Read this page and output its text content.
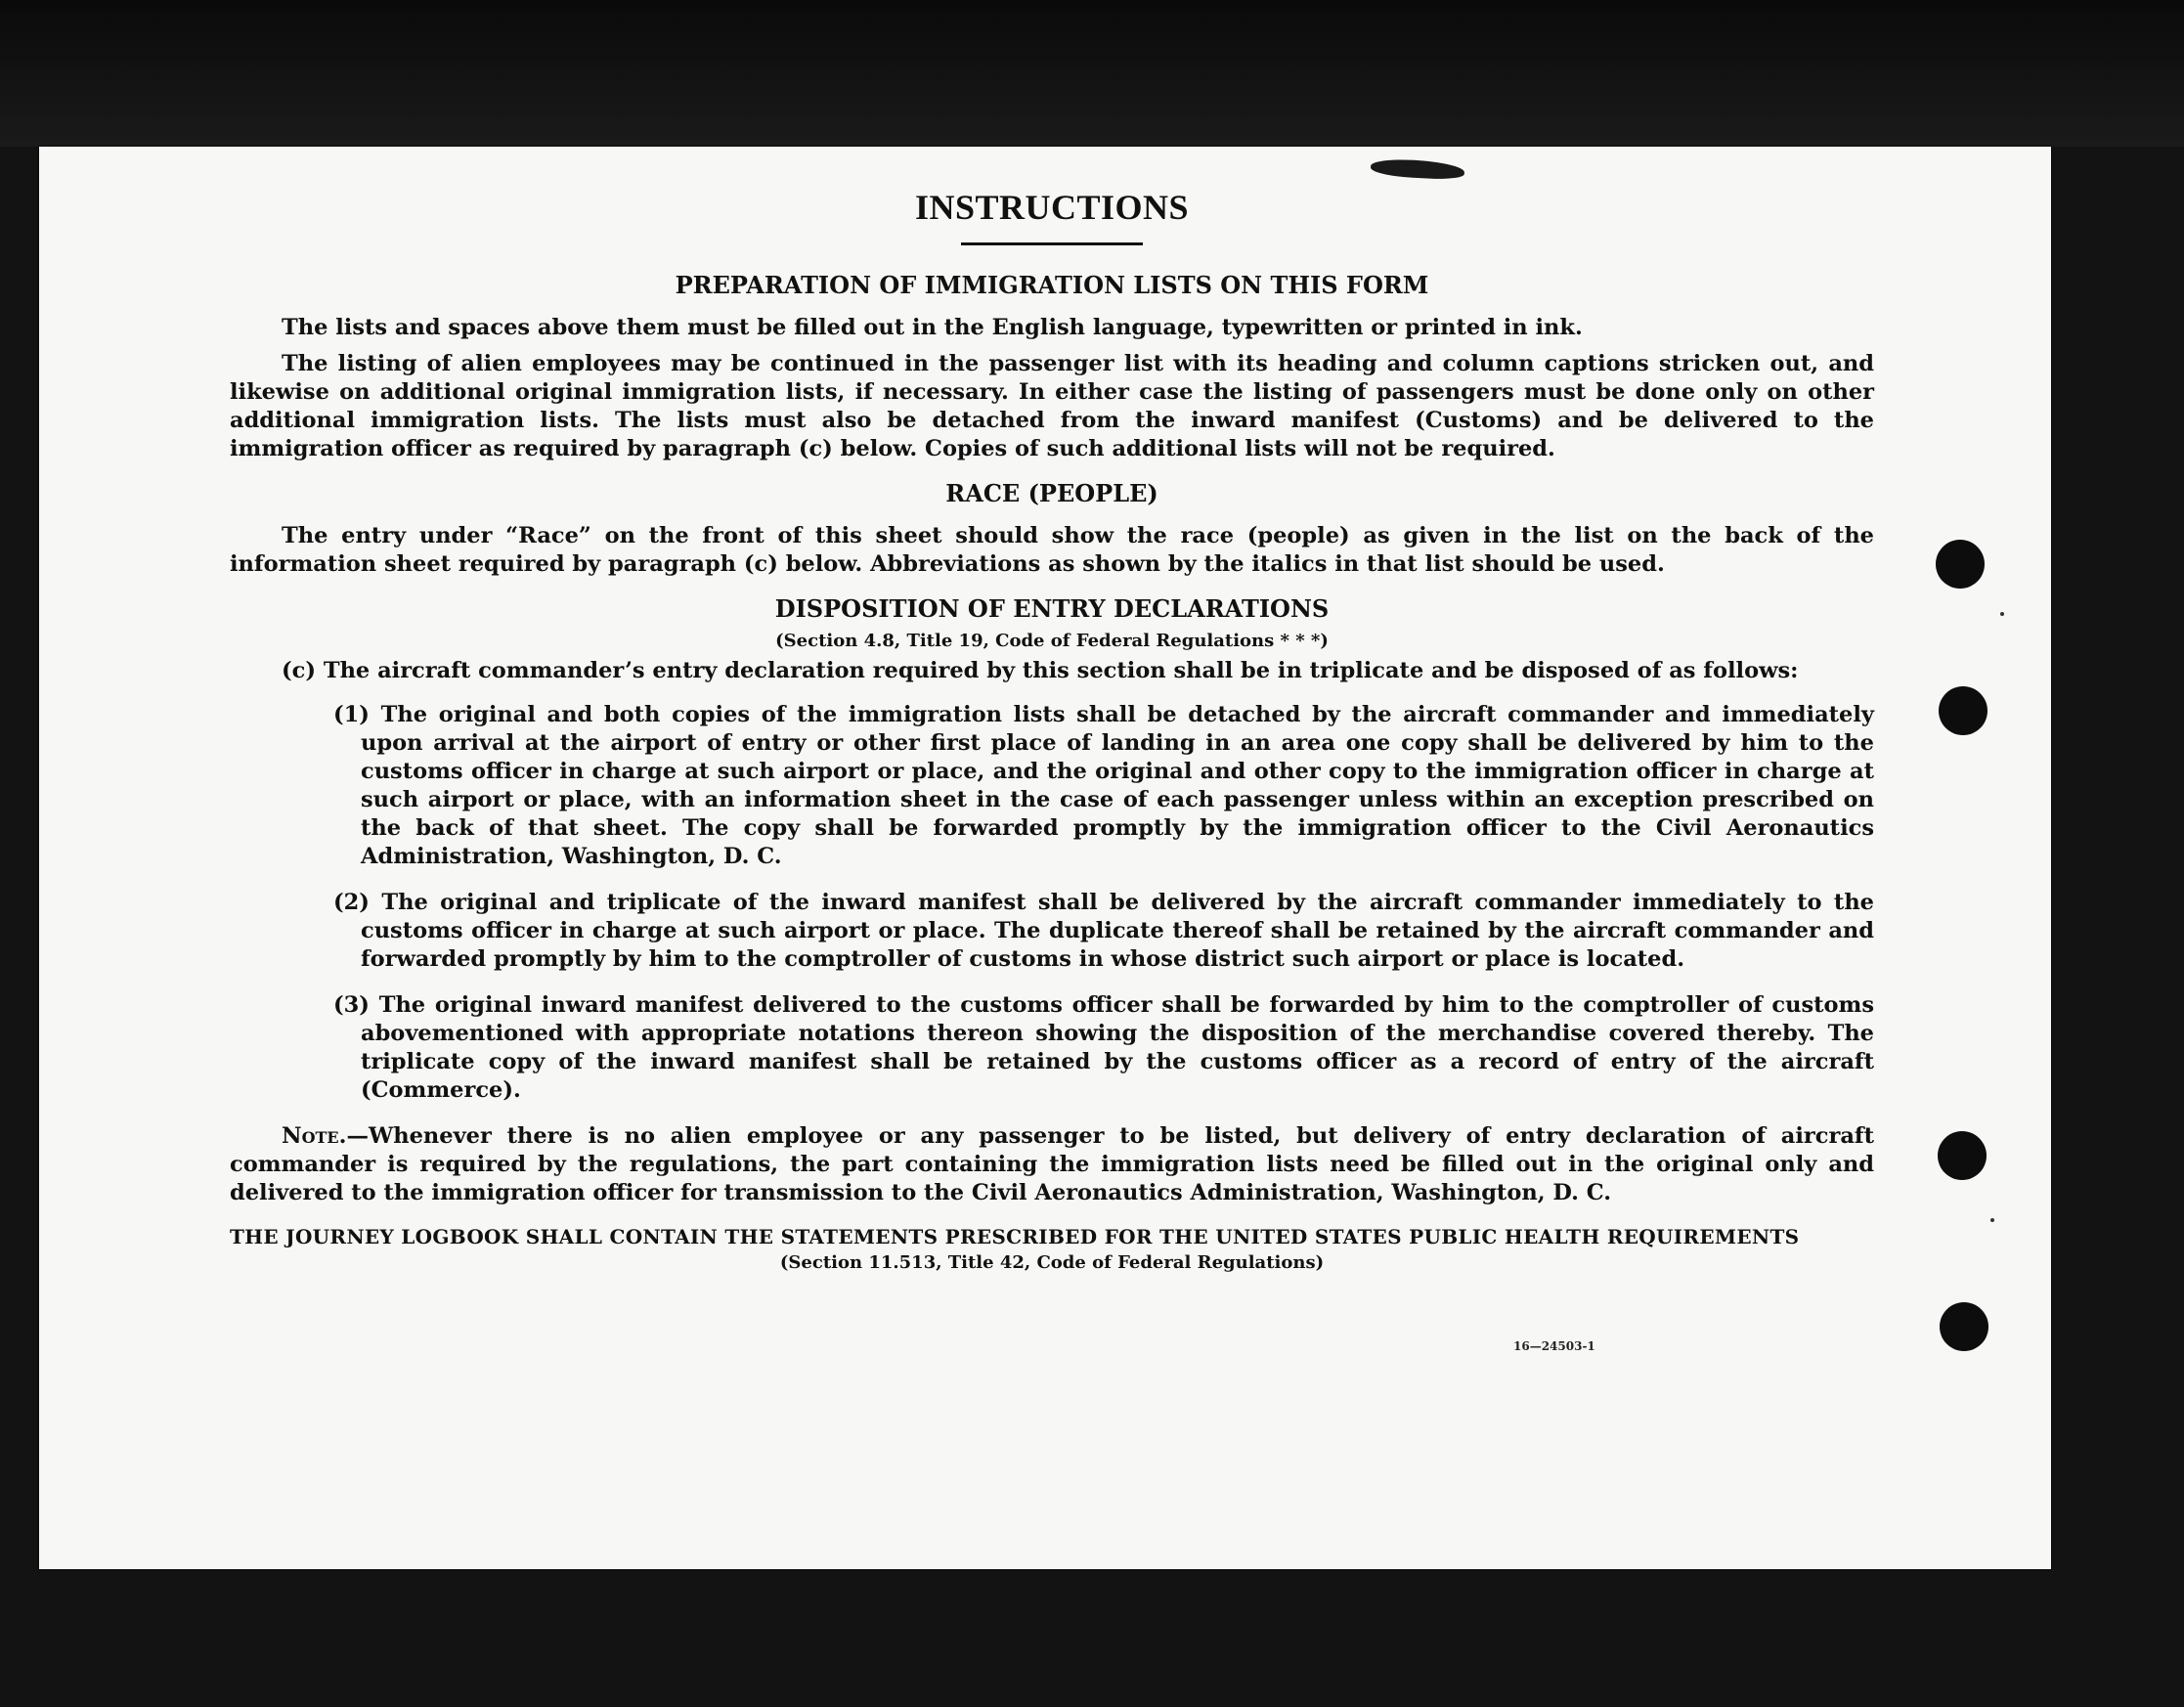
INSTRUCTIONS
PREPARATION OF IMMIGRATION LISTS ON THIS FORM

The lists and spaces above them must be filled out in the English language, typewritten or printed in ink.

The listing of alien employees may be continued in the passenger list with its heading and column captions stricken out, and likewise on additional original immigration lists, if necessary. In either case the listing of passengers must be done only on other additional immigration lists. The lists must also be detached from the inward manifest (Customs) and be delivered to the immigration officer as required by paragraph (c) below. Copies of such additional lists will not be required.

RACE (PEOPLE)

The entry under “Race” on the front of this sheet should show the race (people) as given in the list on the back of the information sheet required by paragraph (c) below. Abbreviations as shown by the italics in that list should be used.

DISPOSITION OF ENTRY DECLARATIONS
(Section 4.8, Title 19, Code of Federal Regulations * * *)

(c) The aircraft commander’s entry declaration required by this section shall be in triplicate and be disposed of as follows:

(1) The original and both copies of the immigration lists shall be detached by the aircraft commander and immediately upon arrival at the airport of entry or other first place of landing in an area one copy shall be delivered by him to the customs officer in charge at such airport or place, and the original and other copy to the immigration officer in charge at such airport or place, with an information sheet in the case of each passenger unless within an exception prescribed on the back of that sheet. The copy shall be forwarded promptly by the immigration officer to the Civil Aeronautics Administration, Washington, D. C.

(2) The original and triplicate of the inward manifest shall be delivered by the aircraft commander immediately to the customs officer in charge at such airport or place. The duplicate thereof shall be retained by the aircraft commander and forwarded promptly by him to the comptroller of customs in whose district such airport or place is located.

(3) The original inward manifest delivered to the customs officer shall be forwarded by him to the comptroller of customs abovementioned with appropriate notations thereon showing the disposition of the merchandise covered thereby. The triplicate copy of the inward manifest shall be retained by the customs officer as a record of entry of the aircraft (Commerce).

Note.—Whenever there is no alien employee or any passenger to be listed, but delivery of entry declaration of aircraft commander is required by the regulations, the part containing the immigration lists need be filled out in the original only and delivered to the immigration officer for transmission to the Civil Aeronautics Administration, Washington, D. C.

THE JOURNEY LOGBOOK SHALL CONTAIN THE STATEMENTS PRESCRIBED FOR THE UNITED STATES PUBLIC HEALTH REQUIREMENTS

(Section 11.513, Title 42, Code of Federal Regulations)
16—24503-1
